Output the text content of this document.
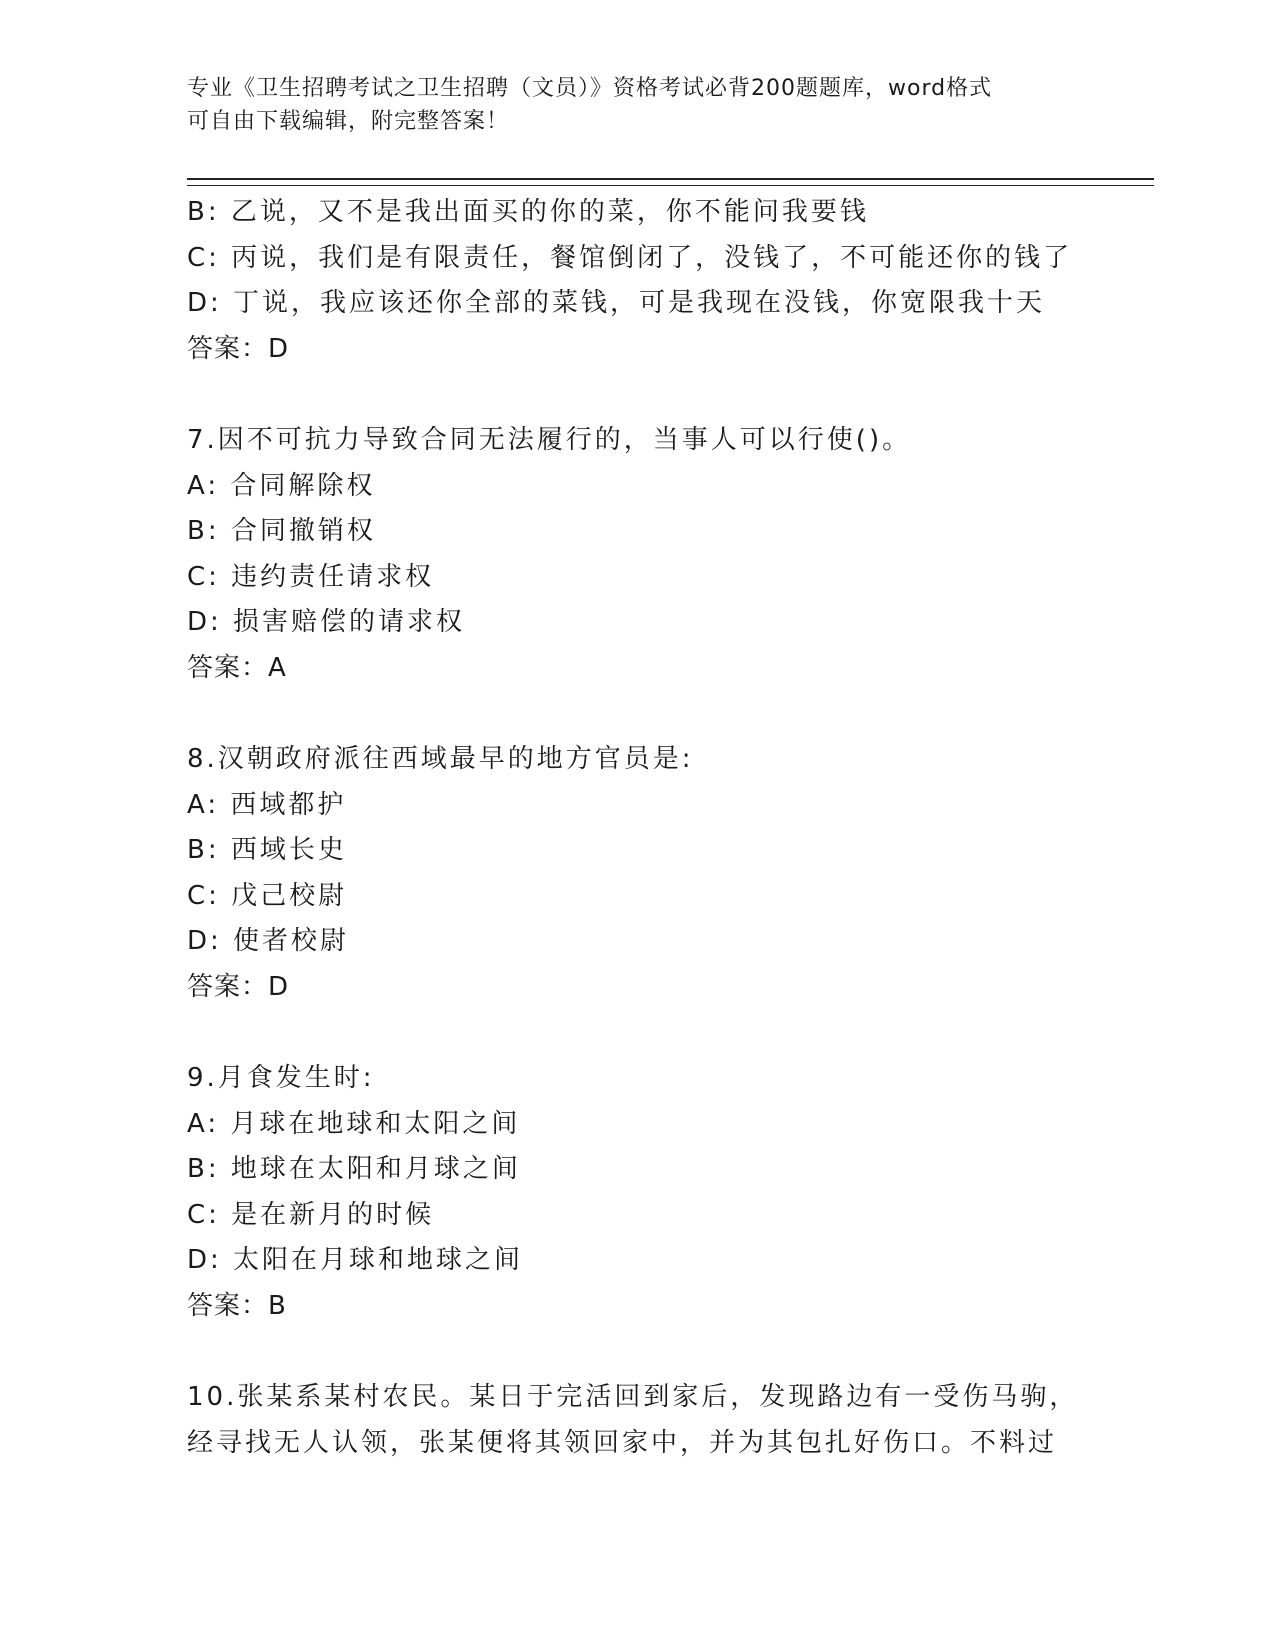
专业《卫生招聘考试之卫生招聘（文员）》资格考试必背200题题库，word格式
可自由下载编辑，附完整答案！
B: 乙说，又不是我出面买的你的菜，你不能问我要钱
C: 丙说，我们是有限责任，餐馆倒闭了，没钱了，不可能还你的钱了
D: 丁说，我应该还你全部的菜钱，可是我现在没钱，你宽限我十天
答案：D
7.因不可抗力导致合同无法履行的，当事人可以行使()。
A: 合同解除权
B: 合同撤销权
C: 违约责任请求权
D: 损害赔偿的请求权
答案：A
8.汉朝政府派往西域最早的地方官员是:
A: 西域都护
B: 西域长史
C: 戊己校尉
D: 使者校尉
答案：D
9.月食发生时:
A: 月球在地球和太阳之间
B: 地球在太阳和月球之间
C: 是在新月的时候
D: 太阳在月球和地球之间
答案：B
10.张某系某村农民。某日于完活回到家后，发现路边有一受伤马驹，
经寻找无人认领，张某便将其领回家中，并为其包扎好伤口。不料过
